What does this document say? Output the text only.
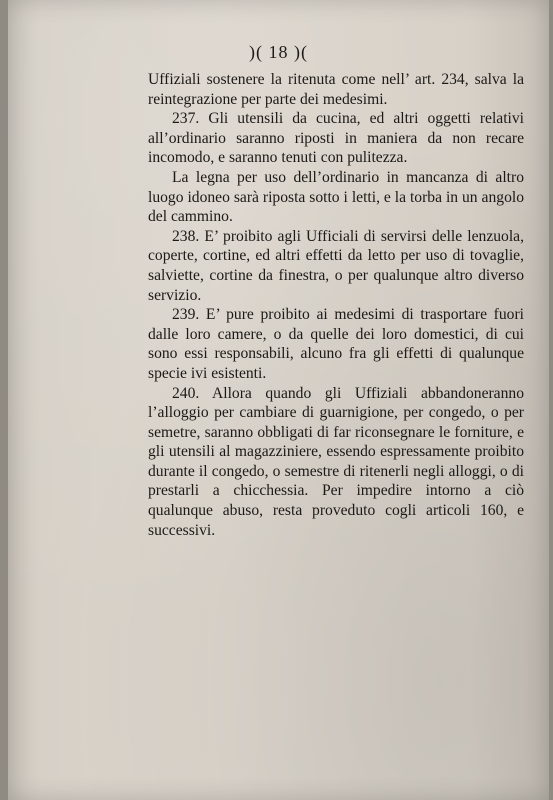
)( 18 )(

Uffiziali sostenere la ritenuta come nell’ art. 234, salva la reintegrazione per parte dei medesimi.

237. Gli utensili da cucina, ed altri oggetti relativi all’ordinario saranno riposti in maniera da non recare incomodo, e saranno tenuti con pulitezza.

La legna per uso dell’ordinario in mancanza di altro luogo idoneo sarà riposta sotto i letti, e la torba in un angolo del cammino.

238. E’ proibito agli Ufficiali di servirsi delle lenzuola, coperte, cortine, ed altri effetti da letto per uso di tovaglie, salviette, cortine da finestra, o per qualunque altro diverso servizio.

239. E’ pure proibito ai medesimi di trasportare fuori dalle loro camere, o da quelle dei loro domestici, di cui sono essi responsabili, alcuno fra gli effetti di qualunque specie ivi esistenti.

240. Allora quando gli Uffiziali abbandoneranno l’alloggio per cambiare di guarnigione, per congedo, o per semetre, saranno obbligati di far riconsegnare le forniture, e gli utensili al magazziniere, essendo espressamente proibito durante il congedo, o semestre di ritenerli negli alloggi, o di prestarli a chicchessia. Per impedire intorno a ciò qualunque abuso, resta proveduto cogli articoli 160, e successivi.
